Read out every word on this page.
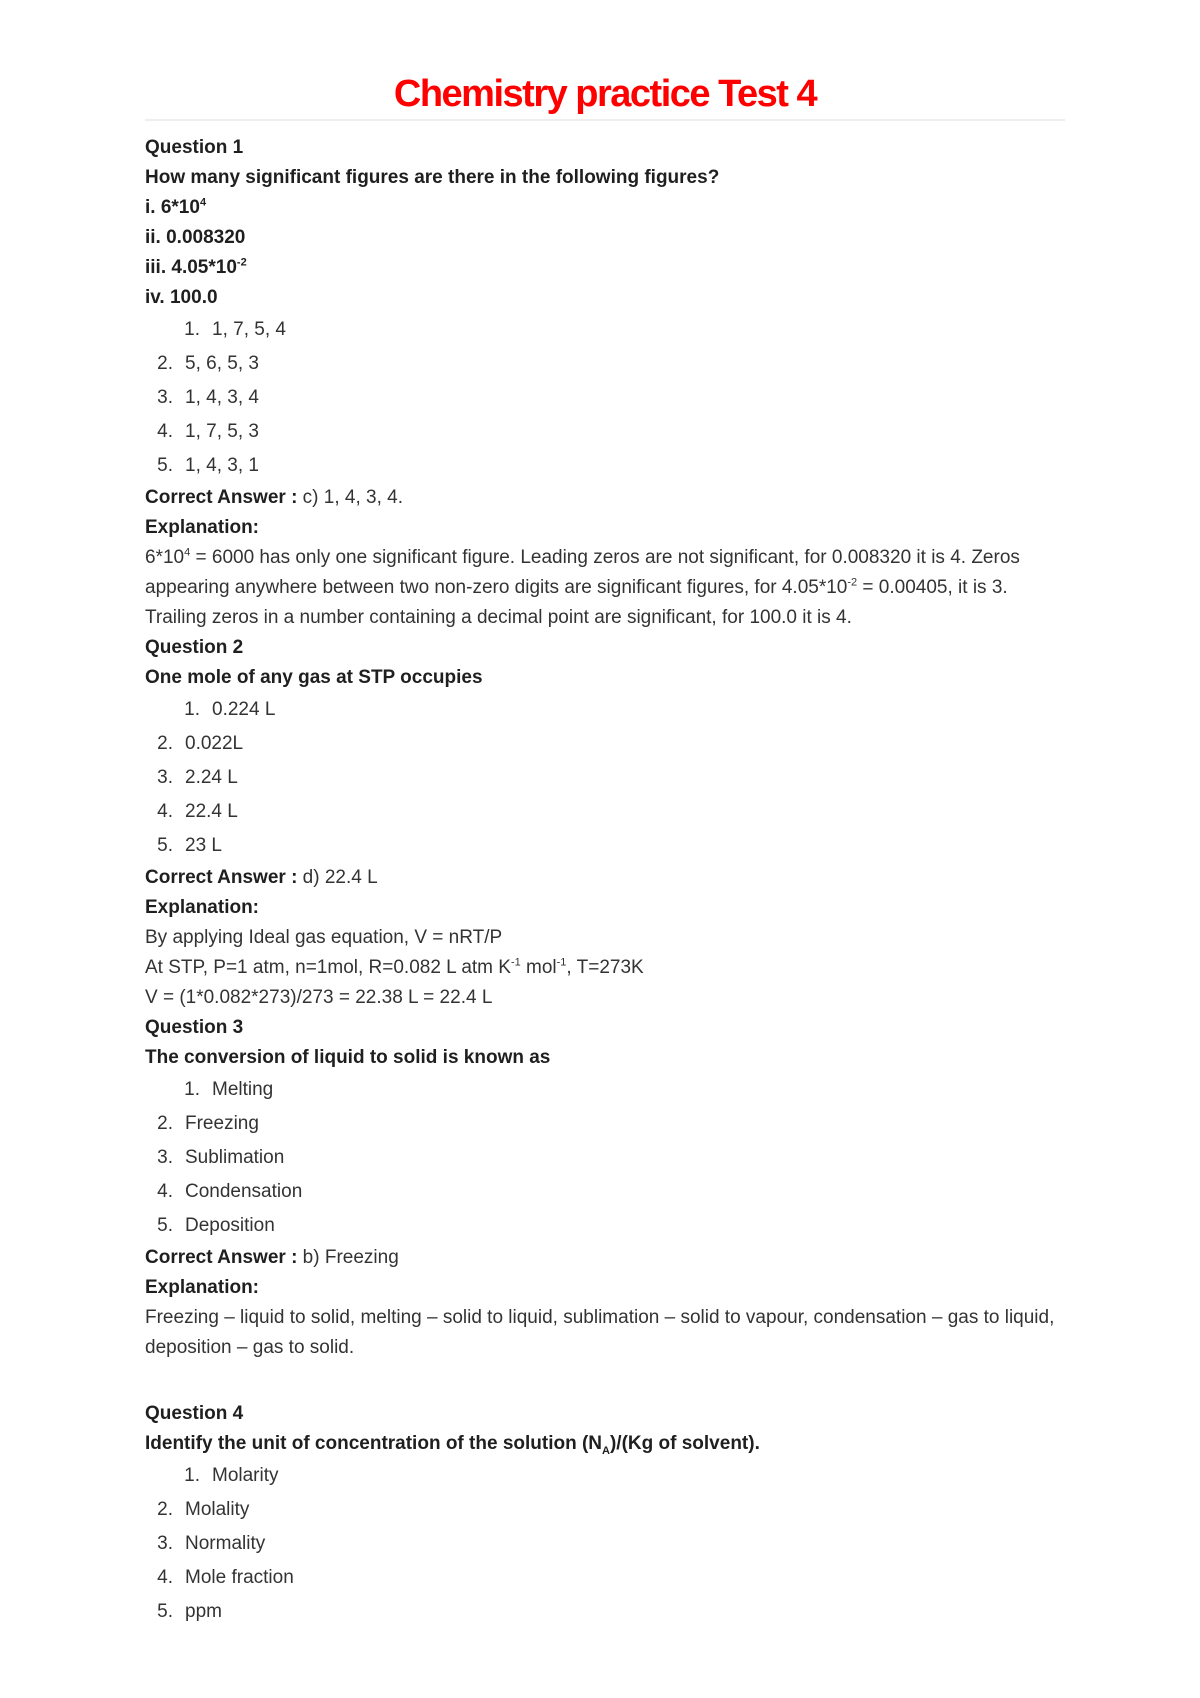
Chemistry practice Test 4
Question 1
How many significant figures are there in the following figures?
i. $6*10^4$
ii. 0.008320
iii. $4.05*10^{-2}$
iv. 100.0
1. 1, 7, 5, 4
2. 5, 6, 5, 3
3. 1, 4, 3, 4
4. 1, 7, 5, 3
5. 1, 4, 3, 1
Correct Answer : c) 1, 4, 3, 4.
Explanation:
$6*10^4 = 6000$ has only one significant figure. Leading zeros are not significant, for 0.008320 it is 4. Zeros appearing anywhere between two non-zero digits are significant figures, for $4.05*10^{-2} = 0.00405$, it is 3. Trailing zeros in a number containing a decimal point are significant, for 100.0 it is 4.
Question 2
One mole of any gas at STP occupies
1. 0.224 L
2. 0.022L
3. 2.24 L
4. 22.4 L
5. 23 L
Correct Answer : d) 22.4 L
Explanation:
By applying Ideal gas equation, V = nRT/P
At STP, P=1 atm, n=1mol, R=0.082 L atm $K^{-1}$ mol$^{-1}$, T=273K
V = (1*0.082*273)/273 = 22.38 L = 22.4 L
Question 3
The conversion of liquid to solid is known as
1. Melting
2. Freezing
3. Sublimation
4. Condensation
5. Deposition
Correct Answer : b) Freezing
Explanation:
Freezing – liquid to solid, melting – solid to liquid, sublimation – solid to vapour, condensation – gas to liquid, deposition – gas to solid.
Question 4
Identify the unit of concentration of the solution $(N_A)/(Kg$ of solvent).
1. Molarity
2. Molality
3. Normality
4. Mole fraction
5. ppm
